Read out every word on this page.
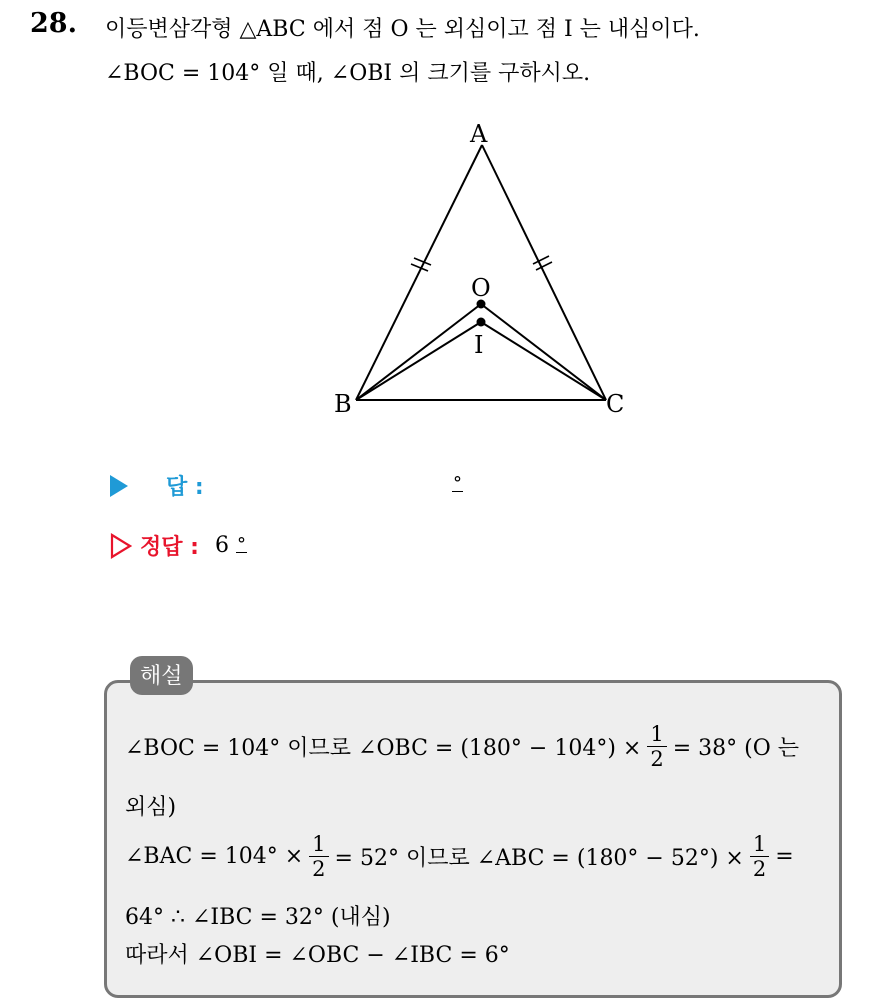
28. 이등변삼각형 △ABC 에서 점 O 는 외심이고 점 I 는 내심이다.
∠BOC = 104° 일 때, ∠OBI 의 크기를 구하시오.
A
O
I
B	C
답 :	°
정답 : 6 °
해설
∠BOC = 104° 이므로 ∠OBC = $(180^\circ - 104^\circ) \times \frac{1}{2} = 38^\circ$ (O 는
외심)
∠BAC = $104^\circ \times \frac{1}{2} = 52^\circ$ 이므로 ∠ABC = $(180^\circ - 52^\circ) \times \frac{1}{2}$ =
64° ∴ ∠IBC = 32° (내심)
따라서 ∠OBI = ∠OBC − ∠IBC = 6°
